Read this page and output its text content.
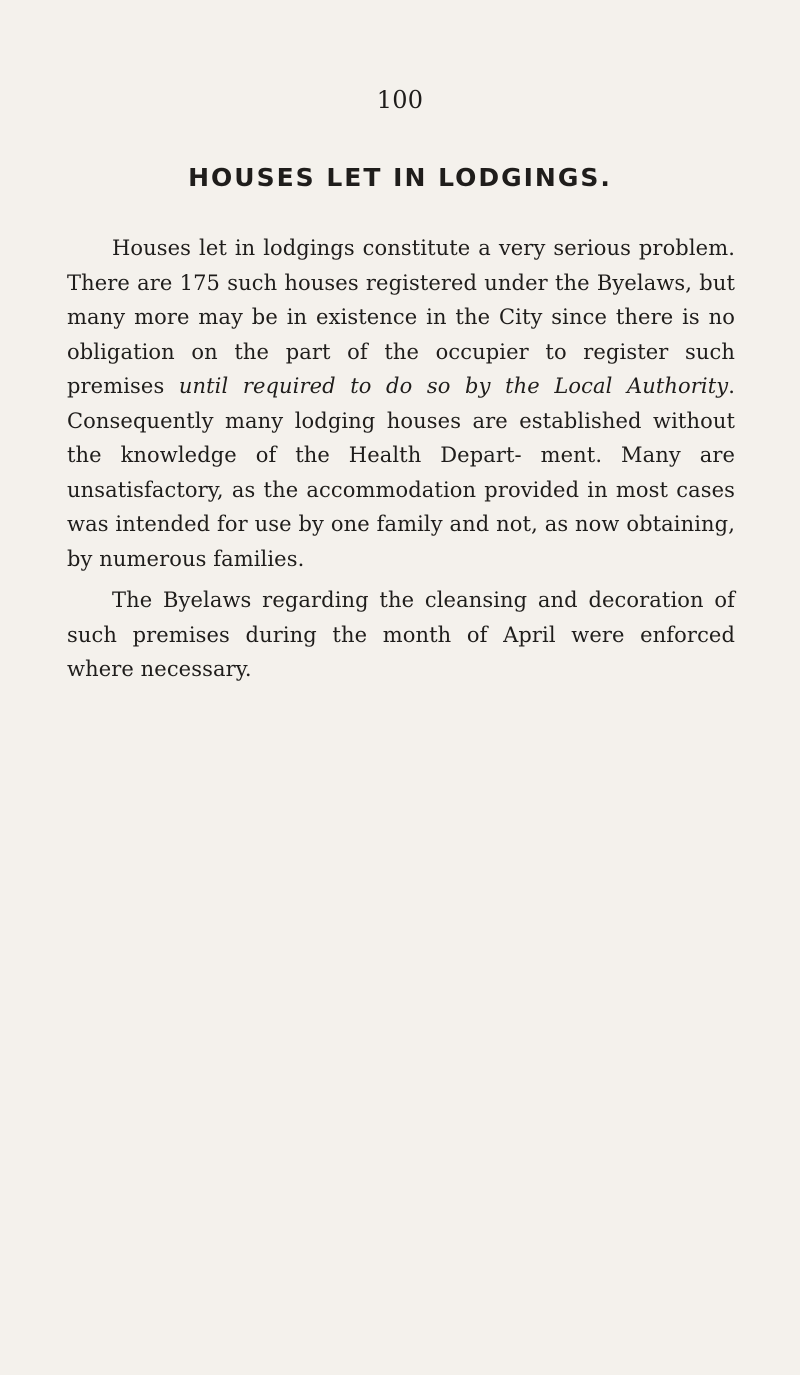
100
HOUSES LET IN LODGINGS.

Houses let in lodgings constitute a very serious problem. There are 175 such houses registered under the Byelaws, but many more may be in existence in the City since there is no obligation on the part of the occupier to register such premises until required to do so by the Local Authority. Consequently many lodging houses are established without the knowledge of the Health Depart- ment. Many are unsatisfactory, as the accommodation provided in most cases was intended for use by one family and not, as now obtaining, by numerous families.

The Byelaws regarding the cleansing and decoration of such premises during the month of April were enforced where necessary.
